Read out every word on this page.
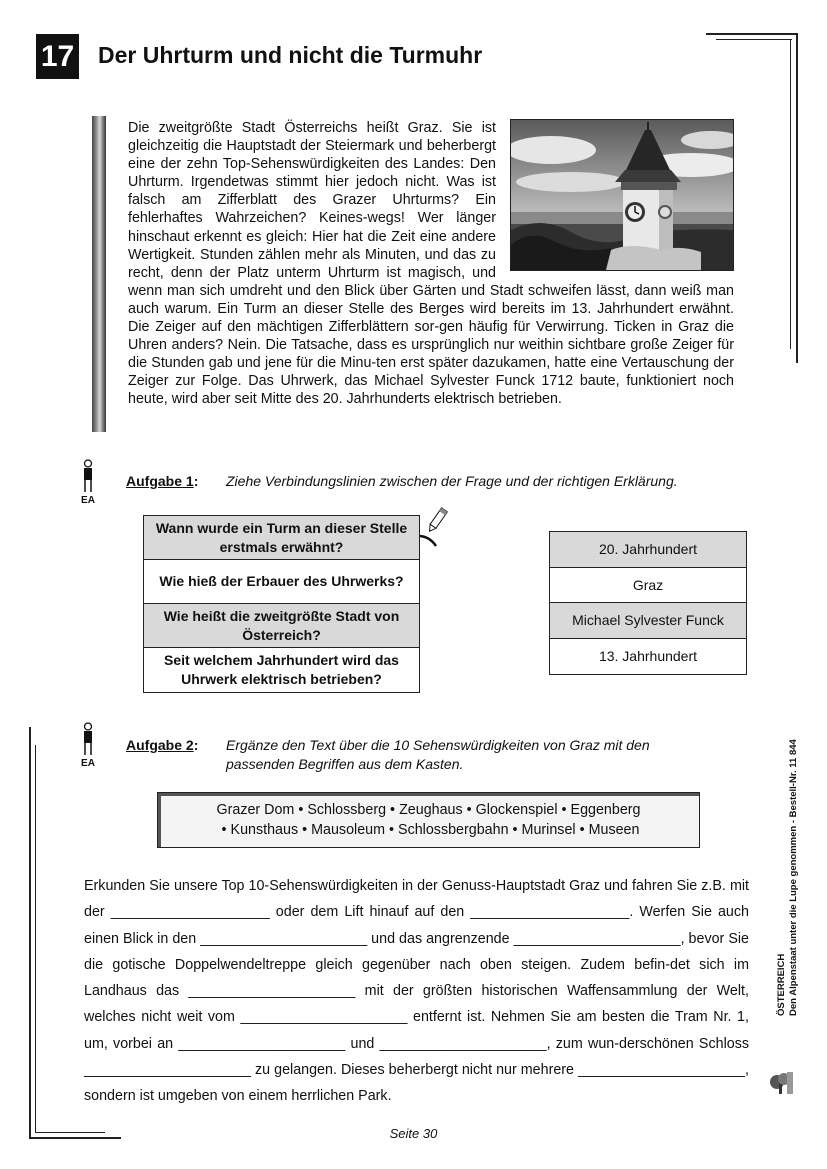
17 Der Uhrturm und nicht die Turmuhr
Die zweitgrößte Stadt Österreichs heißt Graz. Sie ist gleichzeitig die Hauptstadt der Steiermark und beherbergt eine der zehn Top-Sehenswürdigkeiten des Landes: Den Uhrturm. Irgendetwas stimmt hier jedoch nicht. Was ist falsch am Zifferblatt des Grazer Uhrturms? Ein fehlerhaftes Wahrzeichen? Keines-wegs! Wer länger hinschaut erkennt es gleich: Hier hat die Zeit eine andere Wertigkeit. Stunden zählen mehr als Minuten, und das zu recht, denn der Platz unterm Uhrturm ist magisch, und wenn man sich umdreht und den Blick über Gärten und Stadt schweifen lässt, dann weiß man auch warum. Ein Turm an dieser Stelle des Berges wird bereits im 13. Jahrhundert erwähnt. Die Zeiger auf den mächtigen Zifferblättern sor-gen häufig für Verwirrung. Ticken in Graz die Uhren anders? Nein. Die Tatsache, dass es ursprünglich nur weithin sichtbare große Zeiger für die Stunden gab und jene für die Minu-ten erst später dazukamen, hatte eine Vertauschung der Zeiger zur Folge. Das Uhrwerk, das Michael Sylvester Funck 1712 baute, funktioniert noch heute, wird aber seit Mitte des 20. Jahrhunderts elektrisch betrieben.
EA
Aufgabe 1: Ziehe Verbindungslinien zwischen der Frage und der richtigen Erklärung.
Wann wurde ein Turm an dieser Stelle erstmals erwähnt?
Wie hieß der Erbauer des Uhrwerks?
Wie heißt die zweitgrößte Stadt von Österreich?
Seit welchem Jahrhundert wird das Uhrwerk elektrisch betrieben?
20. Jahrhundert
Graz
Michael Sylvester Funck
13. Jahrhundert
EA
Aufgabe 2: Ergänze den Text über die 10 Sehenswürdigkeiten von Graz mit den passenden Begriffen aus dem Kasten.
Grazer Dom • Schlossberg • Zeughaus • Glockenspiel • Eggenberg
• Kunsthaus • Mausoleum • Schlossbergbahn • Murinsel • Museen

Erkunden Sie unsere Top 10-Sehenswürdigkeiten in der Genuss-Hauptstadt Graz und fahren Sie z.B. mit der ____________________ oder dem Lift hinauf auf den ____________________. Werfen Sie auch einen Blick in den _____________________ und das angrenzende _____________________, bevor Sie die gotische Doppelwendeltreppe gleich gegenüber nach oben steigen. Zudem befin-det sich im Landhaus das _____________________ mit der größten historischen Waffensammlung der Welt, welches nicht weit vom _____________________ entfernt ist. Nehmen Sie am besten die Tram Nr. 1, um, vorbei an _____________________ und _____________________, zum wun-derschönen Schloss _____________________ zu gelangen. Dieses beherbergt nicht nur mehrere _____________________, sondern ist umgeben von einem herrlichen Park.

ÖSTERREICH Den Alpenstaat unter die Lupe genommen - Bestell-Nr. 11 844
Seite 30
